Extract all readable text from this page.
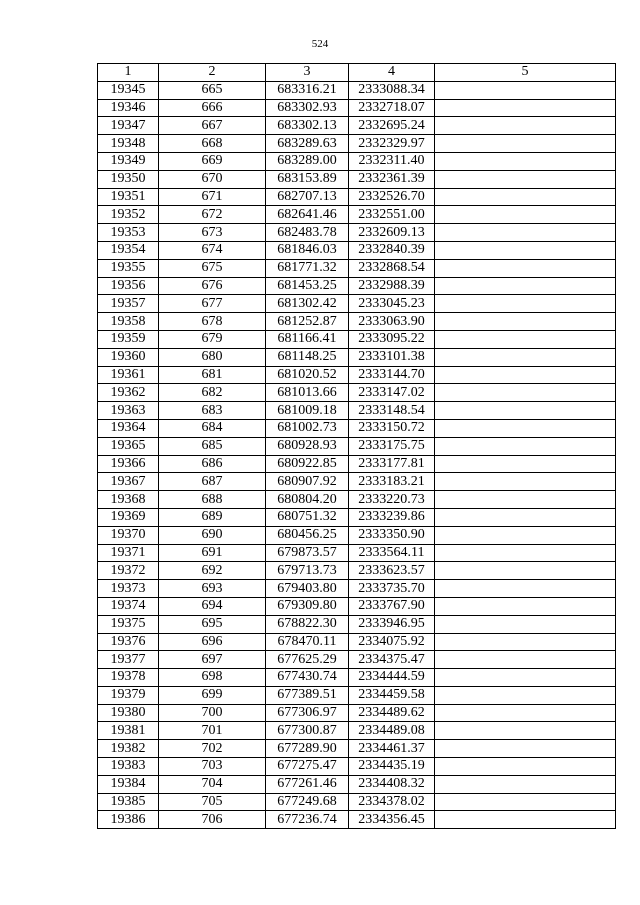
524
1	2	3	4	5
19345	665	683316.21	2333088.34	
19346	666	683302.93	2332718.07	
19347	667	683302.13	2332695.24	
19348	668	683289.63	2332329.97	
19349	669	683289.00	2332311.40	
19350	670	683153.89	2332361.39	
19351	671	682707.13	2332526.70	
19352	672	682641.46	2332551.00	
19353	673	682483.78	2332609.13	
19354	674	681846.03	2332840.39	
19355	675	681771.32	2332868.54	
19356	676	681453.25	2332988.39	
19357	677	681302.42	2333045.23	
19358	678	681252.87	2333063.90	
19359	679	681166.41	2333095.22	
19360	680	681148.25	2333101.38	
19361	681	681020.52	2333144.70	
19362	682	681013.66	2333147.02	
19363	683	681009.18	2333148.54	
19364	684	681002.73	2333150.72	
19365	685	680928.93	2333175.75	
19366	686	680922.85	2333177.81	
19367	687	680907.92	2333183.21	
19368	688	680804.20	2333220.73	
19369	689	680751.32	2333239.86	
19370	690	680456.25	2333350.90	
19371	691	679873.57	2333564.11	
19372	692	679713.73	2333623.57	
19373	693	679403.80	2333735.70	
19374	694	679309.80	2333767.90	
19375	695	678822.30	2333946.95	
19376	696	678470.11	2334075.92	
19377	697	677625.29	2334375.47	
19378	698	677430.74	2334444.59	
19379	699	677389.51	2334459.58	
19380	700	677306.97	2334489.62	
19381	701	677300.87	2334489.08	
19382	702	677289.90	2334461.37	
19383	703	677275.47	2334435.19	
19384	704	677261.46	2334408.32	
19385	705	677249.68	2334378.02	
19386	706	677236.74	2334356.45	
